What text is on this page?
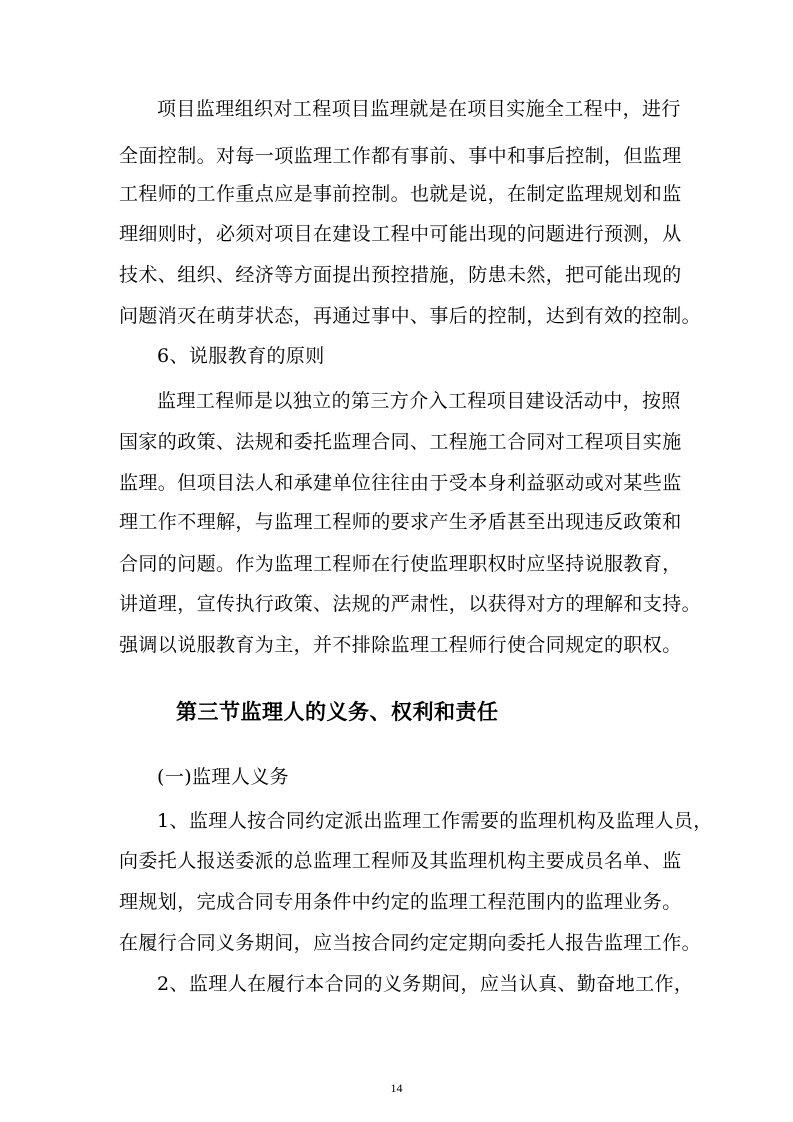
项目监理组织对工程项目监理就是在项目实施全工程中，进行
全面控制。对每一项监理工作都有事前、事中和事后控制，但监理
工程师的工作重点应是事前控制。也就是说，在制定监理规划和监
理细则时，必须对项目在建设工程中可能出现的问题进行预测，从
技术、组织、经济等方面提出预控措施，防患未然，把可能出现的
问题消灭在萌芽状态，再通过事中、事后的控制，达到有效的控制。
6、说服教育的原则
监理工程师是以独立的第三方介入工程项目建设活动中，按照
国家的政策、法规和委托监理合同、工程施工合同对工程项目实施
监理。但项目法人和承建单位往往由于受本身利益驱动或对某些监
理工作不理解，与监理工程师的要求产生矛盾甚至出现违反政策和
合同的问题。作为监理工程师在行使监理职权时应坚持说服教育，
讲道理，宣传执行政策、法规的严肃性，以获得对方的理解和支持。
强调以说服教育为主，并不排除监理工程师行使合同规定的职权。
第三节监理人的义务、权利和责任
(一)监理人义务
1、监理人按合同约定派出监理工作需要的监理机构及监理人员，
向委托人报送委派的总监理工程师及其监理机构主要成员名单、监
理规划，完成合同专用条件中约定的监理工程范围内的监理业务。
在履行合同义务期间，应当按合同约定定期向委托人报告监理工作。
2、监理人在履行本合同的义务期间，应当认真、勤奋地工作，
14
